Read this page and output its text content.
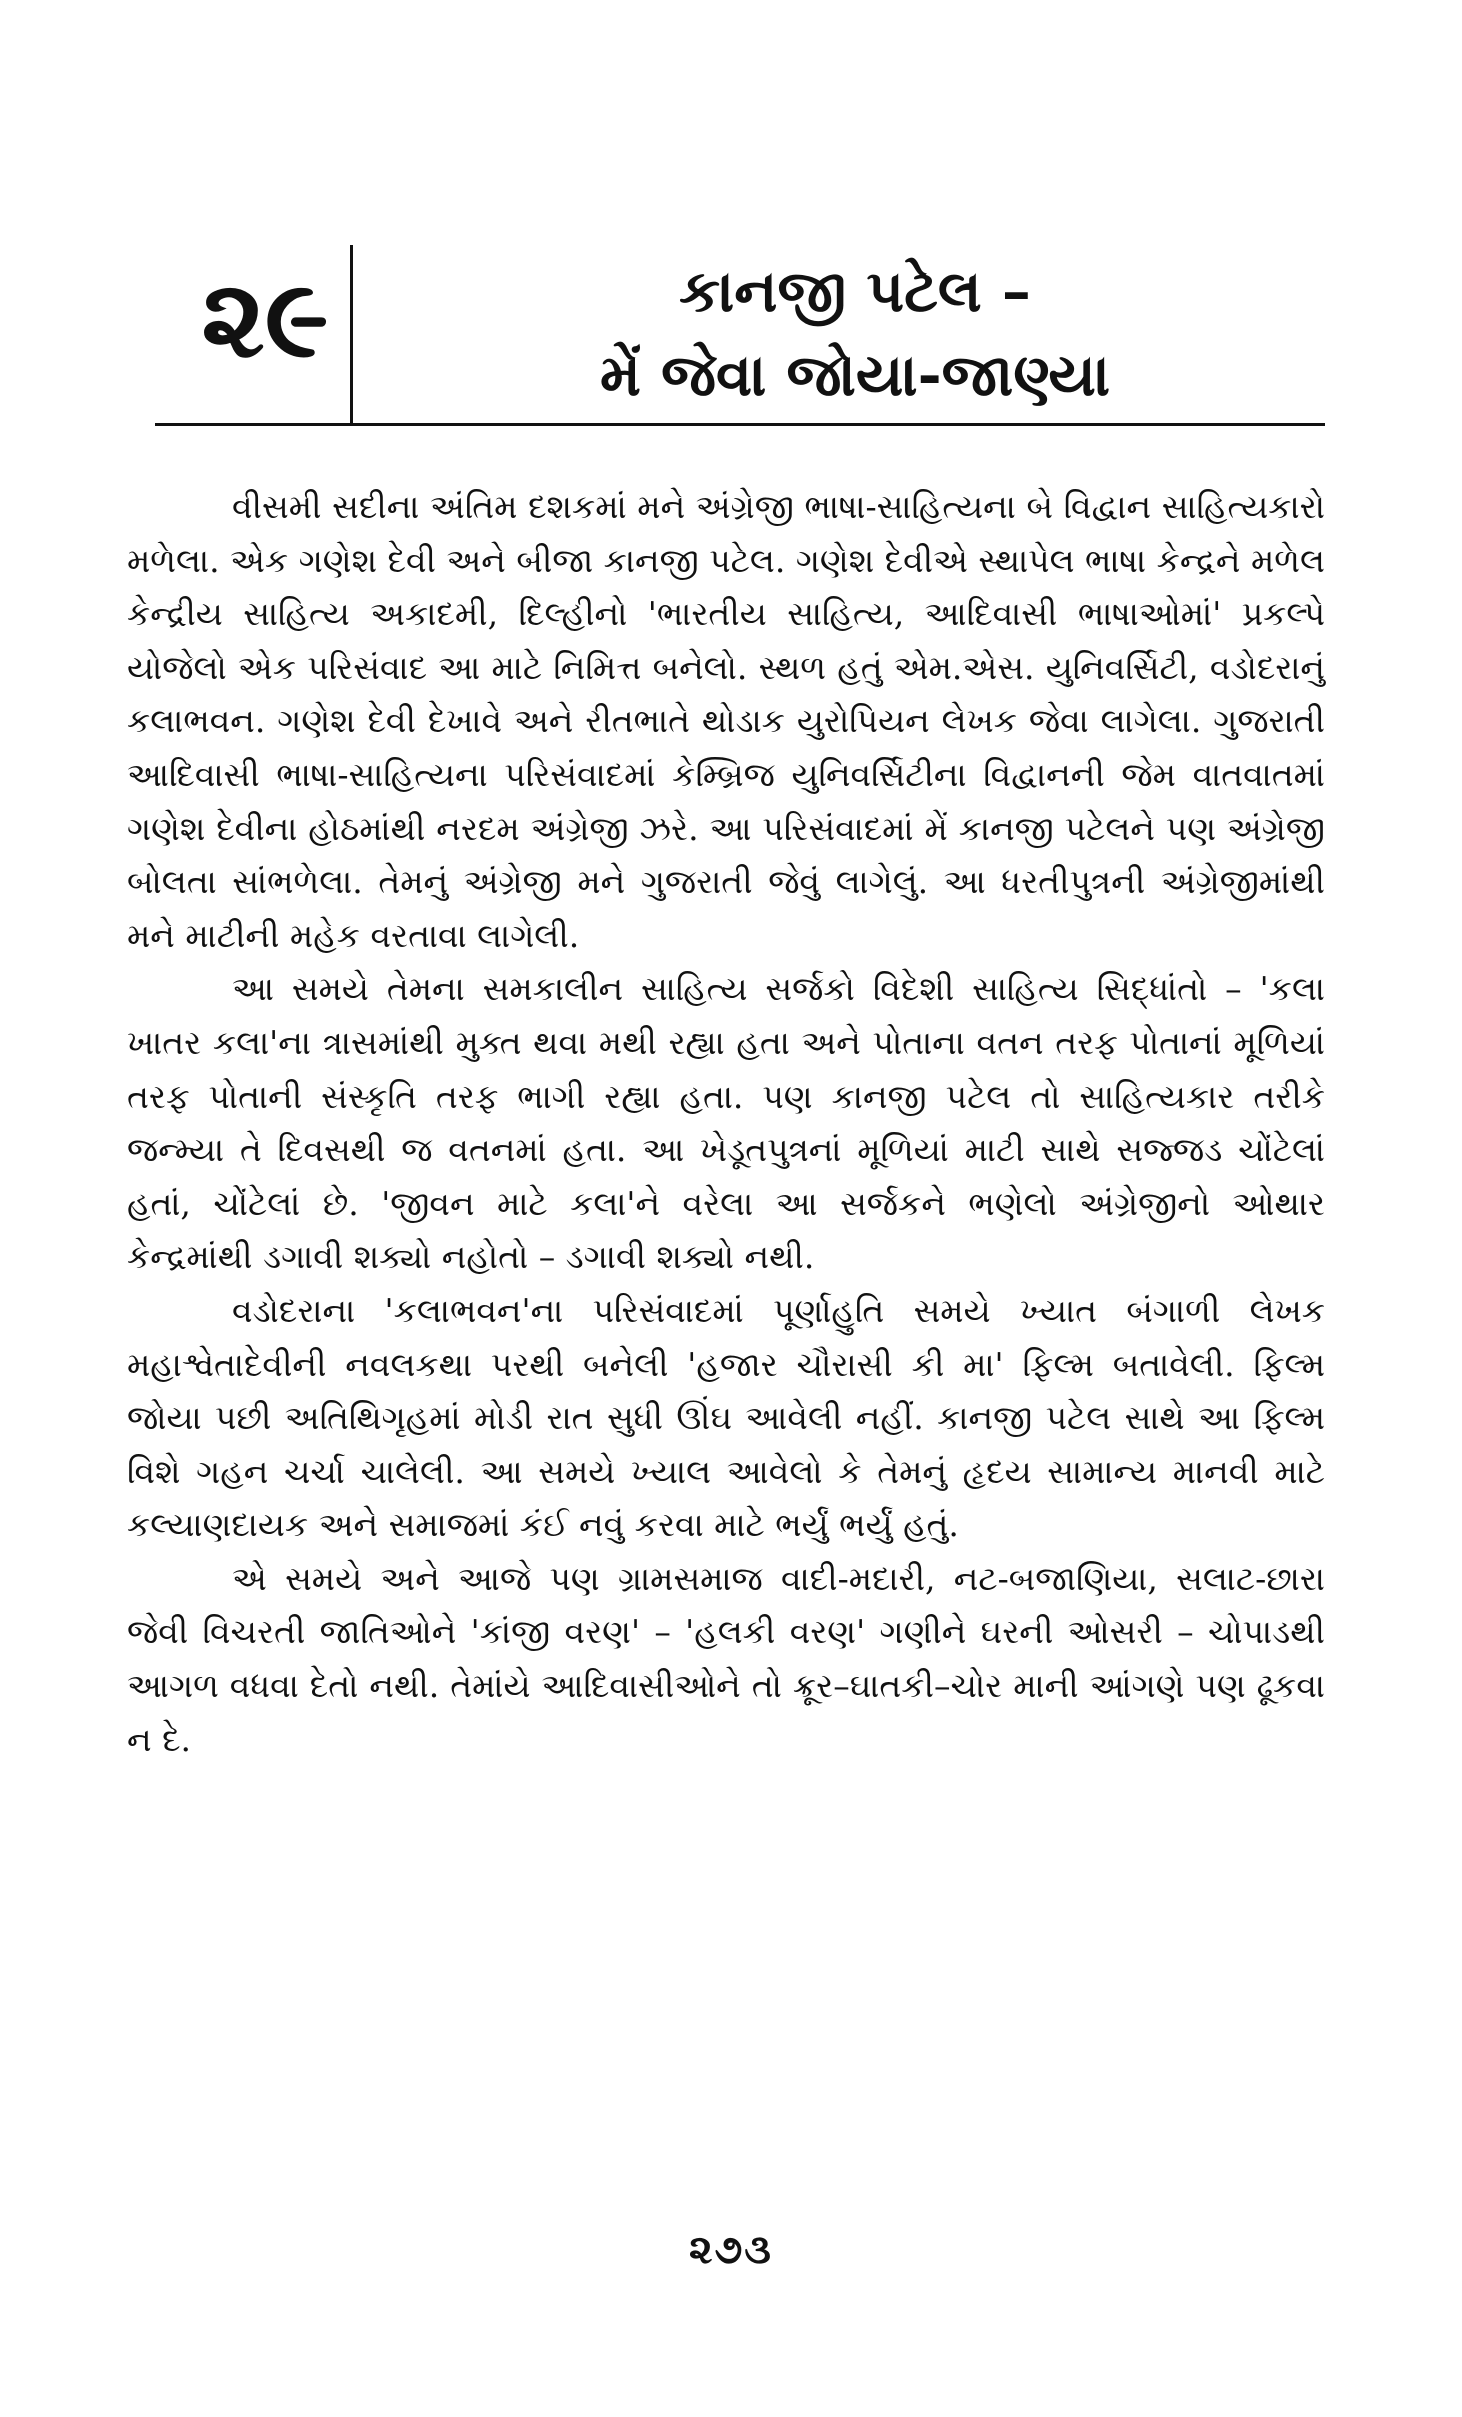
૨૯	કાનજી પટેલ –
મેં જેવા જોયા-જાણ્યા

વીસમી સદીના અંતિમ દશકમાં મને અંગ્રેજી ભાષા-સાહિત્યના બે વિદ્વાન સાહિત્યકારો મળેલા. એક ગણેશ દેવી અને બીજા કાનજી પટેલ. ગણેશ દેવીએ સ્થાપેલ ભાષા કેન્દ્રને મળેલ કેન્દ્રીય સાહિત્ય અકાદમી, દિલ્હીનો 'ભારતીય સાહિત્ય, આદિવાસી ભાષાઓમાં' પ્રકલ્પે યોજેલો એક પરિસંવાદ આ માટે નિમિત્ત બનેલો. સ્થળ હતું એમ.એસ. યુનિવર્સિટી, વડોદરાનું કલાભવન. ગણેશ દેવી દેખાવે અને રીતભાતે થોડાક યુરોપિયન લેખક જેવા લાગેલા. ગુજરાતી આદિવાસી ભાષા-સાહિત્યના પરિસંવાદમાં કેમ્બ્રિજ યુનિવર્સિટીના વિદ્વાનની જેમ વાતવાતમાં ગણેશ દેવીના હોઠમાંથી નરદમ અંગ્રેજી ઝરે. આ પરિસંવાદમાં મેં કાનજી પટેલને પણ અંગ્રેજી બોલતા સાંભળેલા. તેમનું અંગ્રેજી મને ગુજરાતી જેવું લાગેલું. આ ધરતીપુત્રની અંગ્રેજીમાંથી મને માટીની મહેક વરતાવા લાગેલી.

આ સમયે તેમના સમકાલીન સાહિત્ય સર્જકો વિદેશી સાહિત્ય સિદ્ધાંતો – 'કલા ખાતર કલા'ના ત્રાસમાંથી મુક્ત થવા મથી રહ્યા હતા અને પોતાના વતન તરફ પોતાનાં મૂળિયાં તરફ પોતાની સંસ્કૃતિ તરફ ભાગી રહ્યા હતા. પણ કાનજી પટેલ તો સાહિત્યકાર તરીકે જન્મ્યા તે દિવસથી જ વતનમાં હતા. આ ખેડૂતપુત્રનાં મૂળિયાં માટી સાથે સજ્જડ ચોંટેલાં હતાં, ચોંટેલાં છે. 'જીવન માટે કલા'ને વરેલા આ સર્જકને ભણેલો અંગ્રેજીનો ઓથાર કેન્દ્રમાંથી ડગાવી શક્યો નહોતો – ડગાવી શક્યો નથી.

વડોદરાના 'કલાભવન'ના પરિસંવાદમાં પૂર્ણાહુતિ સમયે ખ્યાત બંગાળી લેખક મહાશ્વેતાદેવીની નવલકથા પરથી બનેલી 'હજાર ચૌરાસી કી મા' ફિલ્મ બતાવેલી. ફિલ્મ જોયા પછી અતિથિગૃહમાં મોડી રાત સુધી ઊંઘ આવેલી નહીં. કાનજી પટેલ સાથે આ ફિલ્મ વિશે ગહન ચર્ચા ચાલેલી. આ સમયે ખ્યાલ આવેલો કે તેમનું હૃદય સામાન્ય માનવી માટે કલ્યાણદાયક અને સમાજમાં કંઈ નવું કરવા માટે ભર્યું ભર્યું હતું.

એ સમયે અને આજે પણ ગ્રામસમાજ વાદી-મદારી, નટ-બજાણિયા, સલાટ-છારા જેવી વિચરતી જાતિઓને 'કાંજી વરણ' – 'હલકી વરણ' ગણીને ઘરની ઓસરી – ચોપાડથી આગળ વધવા દેતો નથી. તેમાંયે આદિવાસીઓને તો ક્રૂર–ઘાતકી–ચોર માની આંગણે પણ ઢૂકવા ન દે.

૨૭૩
